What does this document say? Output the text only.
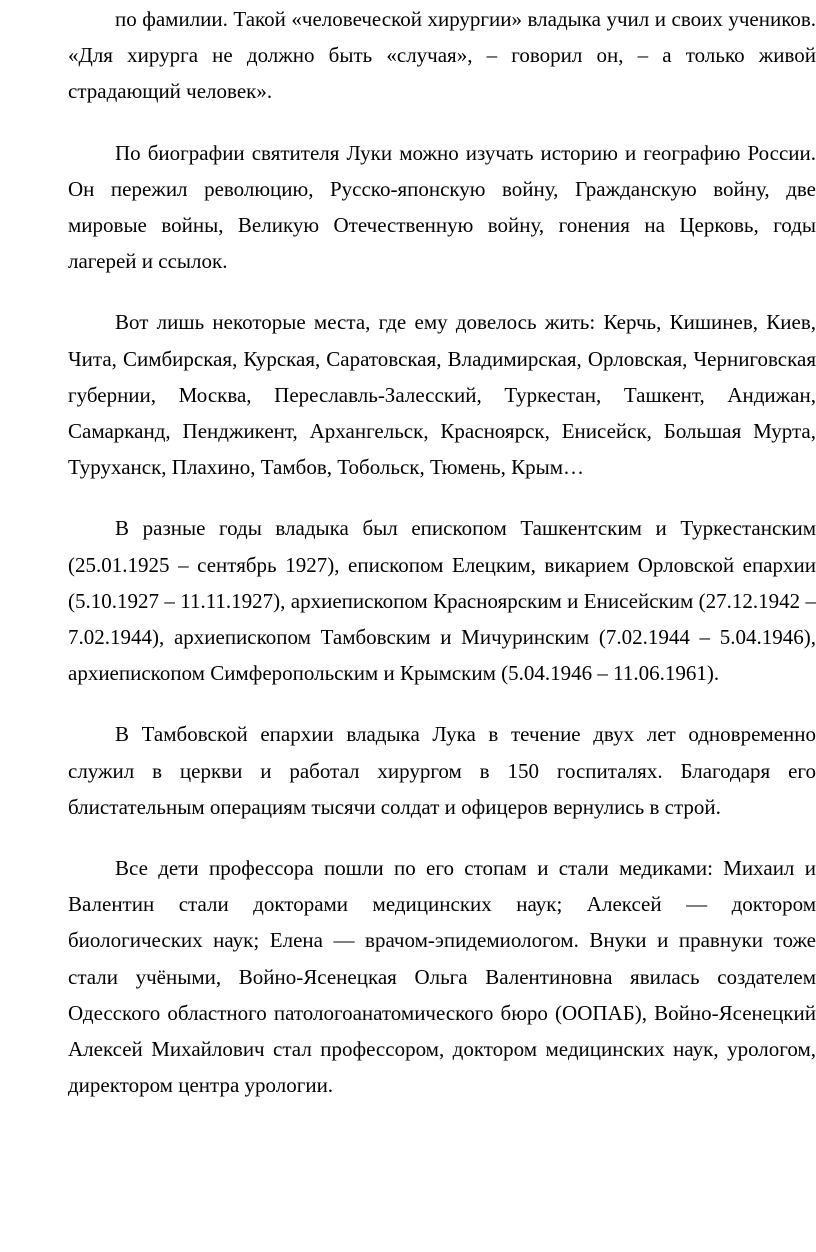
по фамилии. Такой «человеческой хирургии» владыка учил и своих учеников. «Для хирурга не должно быть «случая», – говорил он, – а только живой страдающий человек».

По биографии святителя Луки можно изучать историю и географию России. Он пережил революцию, Русско-японскую войну, Гражданскую войну, две мировые войны, Великую Отечественную войну, гонения на Церковь, годы лагерей и ссылок.

Вот лишь некоторые места, где ему довелось жить: Керчь, Кишинев, Киев, Чита, Симбирская, Курская, Саратовская, Владимирская, Орловская, Черниговская губернии, Москва, Переславль-Залесский, Туркестан, Ташкент, Андижан, Самарканд, Пенджикент, Архангельск, Красноярск, Енисейск, Большая Мурта, Туруханск, Плахино, Тамбов, Тобольск, Тюмень, Крым…

В разные годы владыка был епископом Ташкентским и Туркестанским (25.01.1925 – сентябрь 1927), епископом Елецким, викарием Орловской епархии (5.10.1927 – 11.11.1927), архиепископом Красноярским и Енисейским (27.12.1942 – 7.02.1944), архиепископом Тамбовским и Мичуринским (7.02.1944 – 5.04.1946), архиепископом Симферопольским и Крымским (5.04.1946 – 11.06.1961).

В Тамбовской епархии владыка Лука в течение двух лет одновременно служил в церкви и работал хирургом в 150 госпиталях. Благодаря его блистательным операциям тысячи солдат и офицеров вернулись в строй.

Все дети профессора пошли по его стопам и стали медиками: Михаил и Валентин стали докторами медицинских наук; Алексей — доктором биологических наук; Елена — врачом-эпидемиологом. Внуки и правнуки тоже стали учёными, Войно-Ясенецкая Ольга Валентиновна явилась создателем Одесского областного патологоанатомического бюро (ООПАБ), Войно-Ясенецкий Алексей Михайлович стал профессором, доктором медицинских наук, урологом, директором центра урологии.
